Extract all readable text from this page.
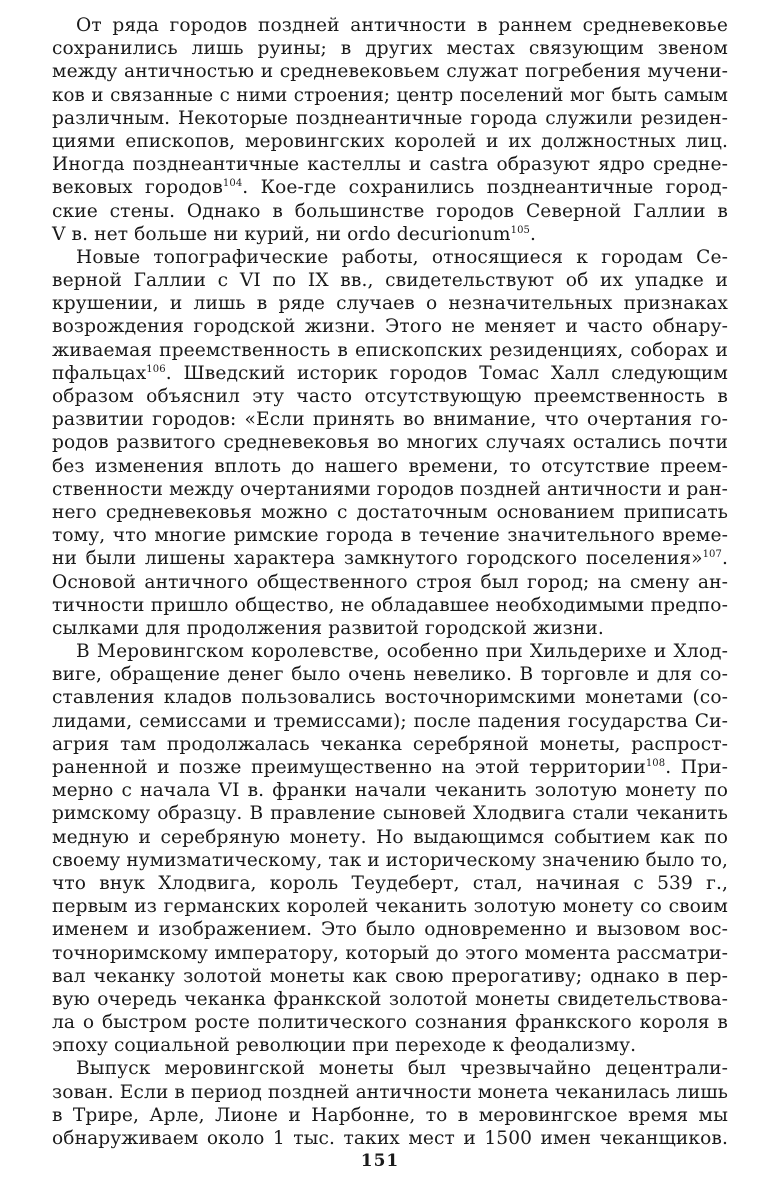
От ряда городов поздней античности в раннем средневековье
сохранились лишь руины; в других местах связующим звеном
между античностью и средневековьем служат погребения мучени-
ков и связанные с ними строения; центр поселений мог быть самым
различным. Некоторые позднеантичные города служили резиден-
циями епископов, меровингских королей и их должностных лиц.
Иногда позднеантичные кастеллы и castra образуют ядро средне-
вековых городов$^{104}$. Кое-где сохранились позднеантичные город-
ские стены. Однако в большинстве городов Северной Галлии в
V в. нет больше ни курий, ни ordo decurionum$^{105}$.
Новые топографические работы, относящиеся к городам Се-
верной Галлии с VI по IX вв., свидетельствуют об их упадке и
крушении, и лишь в ряде случаев о незначительных признаках
возрождения городской жизни. Этого не меняет и часто обнару-
живаемая преемственность в епископских резиденциях, соборах и
пфальцах$^{106}$. Шведский историк городов Томас Халл следующим
образом объяснил эту часто отсутствующую преемственность в
развитии городов: «Если принять во внимание, что очертания го-
родов развитого средневековья во многих случаях остались почти
без изменения вплоть до нашего времени, то отсутствие преем-
ственности между очертаниями городов поздней античности и ран-
него средневековья можно с достаточным основанием приписать
тому, что многие римские города в течение значительного време-
ни были лишены характера замкнутого городского поселения»$^{107}$.
Основой античного общественного строя был город; на смену ан-
тичности пришло общество, не обладавшее необходимыми предпо-
сылками для продолжения развитой городской жизни.
В Меровингском королевстве, особенно при Хильдерихе и Хлод-
виге, обращение денег было очень невелико. В торговле и для со-
ставления кладов пользовались восточноримскими монетами (со-
лидами, семиссами и тремиссами); после падения государства Си-
агрия там продолжалась чеканка серебряной монеты, распрост-
раненной и позже преимущественно на этой территории$^{108}$. При-
мерно с начала VI в. франки начали чеканить золотую монету по
римскому образцу. В правление сыновей Хлодвига стали чеканить
медную и серебряную монету. Но выдающимся событием как по
своему нумизматическому, так и историческому значению было то,
что внук Хлодвига, король Теудеберт, стал, начиная с 539 г.,
первым из германских королей чеканить золотую монету со своим
именем и изображением. Это было одновременно и вызовом вос-
точноримскому императору, который до этого момента рассматри-
вал чеканку золотой монеты как свою прерогативу; однако в пер-
вую очередь чеканка франкской золотой монеты свидетельствова-
ла о быстром росте политического сознания франкского короля в
эпоху социальной революции при переходе к феодализму.
Выпуск меровингской монеты был чрезвычайно децентрали-
зован. Если в период поздней античности монета чеканилась лишь
в Трире, Арле, Лионе и Нарбонне, то в меровингское время мы
обнаруживаем около 1 тыс. таких мест и 1500 имен чеканщиков.
151
